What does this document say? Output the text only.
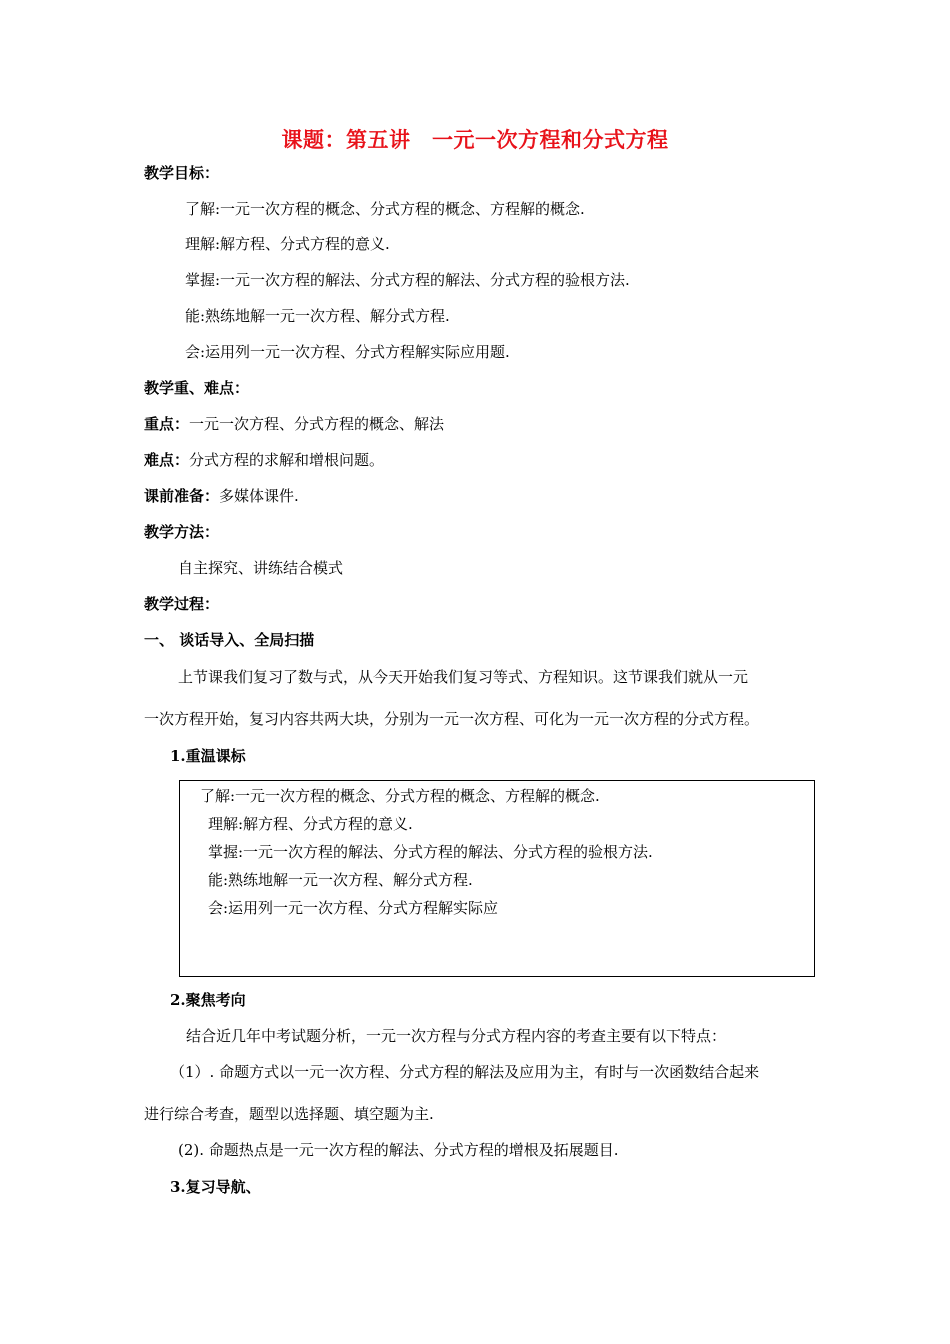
课题：第五讲　一元一次方程和分式方程
教学目标：
了解:一元一次方程的概念、分式方程的概念、方程解的概念.
理解:解方程、分式方程的意义.
掌握:一元一次方程的解法、分式方程的解法、分式方程的验根方法.
能:熟练地解一元一次方程、解分式方程.
会:运用列一元一次方程、分式方程解实际应用题.
教学重、难点：
重点：一元一次方程、分式方程的概念、解法
难点：分式方程的求解和增根问题。
课前准备：多媒体课件.
教学方法：
自主探究、讲练结合模式
教学过程：
一、 谈话导入、全局扫描
上节课我们复习了数与式，从今天开始我们复习等式、方程知识。这节课我们就从一元
一次方程开始，复习内容共两大块，分别为一元一次方程、可化为一元一次方程的分式方程。
1.重温课标
了解:一元一次方程的概念、分式方程的概念、方程解的概念.
理解:解方程、分式方程的意义.
掌握:一元一次方程的解法、分式方程的解法、分式方程的验根方法.
能:熟练地解一元一次方程、解分式方程.
会:运用列一元一次方程、分式方程解实际应
2.聚焦考向
结合近几年中考试题分析，一元一次方程与分式方程内容的考查主要有以下特点：
（1）. 命题方式以一元一次方程、分式方程的解法及应用为主，有时与一次函数结合起来
进行综合考查，题型以选择题、填空题为主.
(2). 命题热点是一元一次方程的解法、分式方程的增根及拓展题目.
3.复习导航、
